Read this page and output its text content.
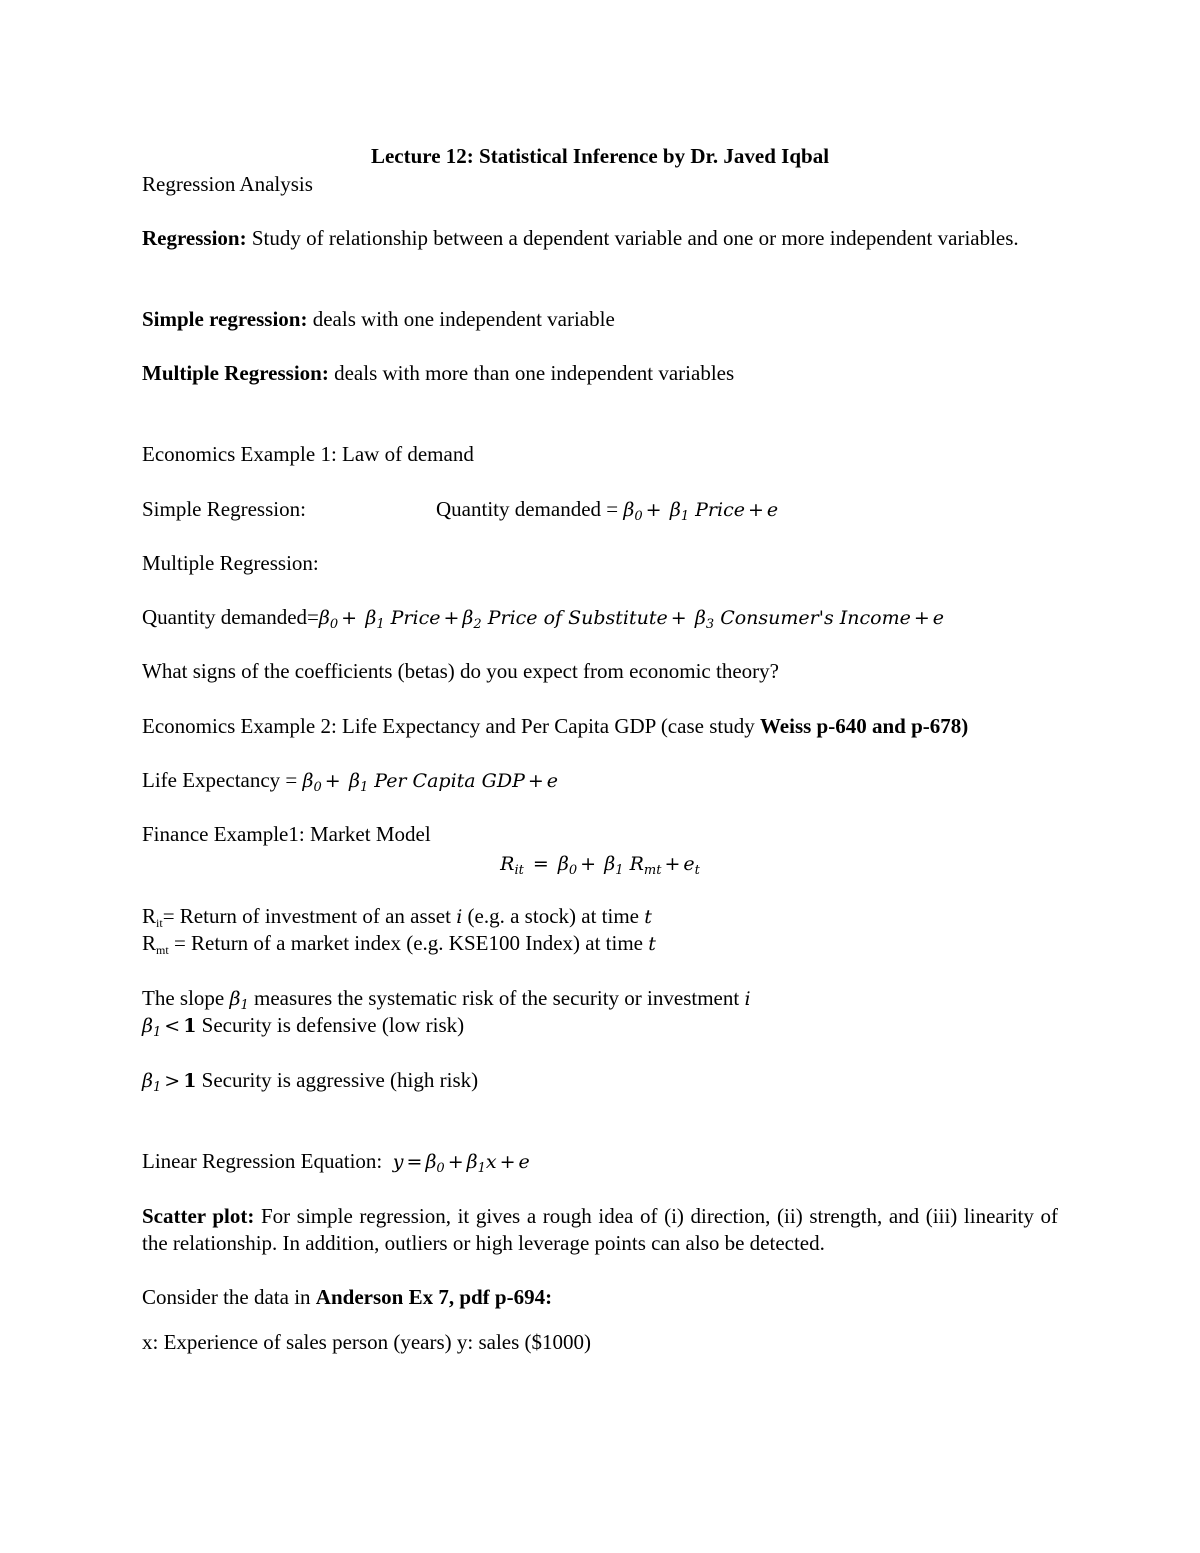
Lecture 12: Statistical Inference by Dr. Javed Iqbal
Regression Analysis
Regression: Study of relationship between a dependent variable and one or more independent variables.
Simple regression: deals with one independent variable
Multiple Regression: deals with more than one independent variables
Economics Example 1: Law of demand
Simple Regression:	Quantity demanded = $\beta_0 + \beta_1$ Price + e
Multiple Regression:
Quantity $demanded=\beta_0 + \beta_1$ Price + $\beta_2$ Price of Substitute + $\beta_3$ Consumer's Income + e
What signs of the coefficients (betas) do you expect from economic theory?
Economics Example 2: Life Expectancy and Per Capita GDP (case study Weiss p-640 and p-678)
Life Expectancy = $\beta_0 + \beta_1$ Per Capita GDP + e
Finance Example1: Market Model
$R_{it} = \beta_0 + \beta_1$ $R_{mt} + e_t$
$R_{it}=$ Return of investment of an asset i (e.g. a stock) at time t
$R_{mt}$ = Return of a market index (e.g. KSE100 Index) at time t
The slope $\beta_1$ measures the systematic risk of the security or investment i
$\beta_1 < 1$ Security is defensive (low risk)
$\beta_1 > 1$ Security is aggressive (high risk)
Linear Regression Equation: $y = \beta_0 + \beta_1x + e$
Scatter plot: For simple regression, it gives a rough idea of (i) direction, (ii) strength, and (iii) linearity of the relationship. In addition, outliers or high leverage points can also be detected.
Consider the data in Anderson Ex 7, pdf p-694:
x: Experience of sales person (years) y: sales ($1000)
